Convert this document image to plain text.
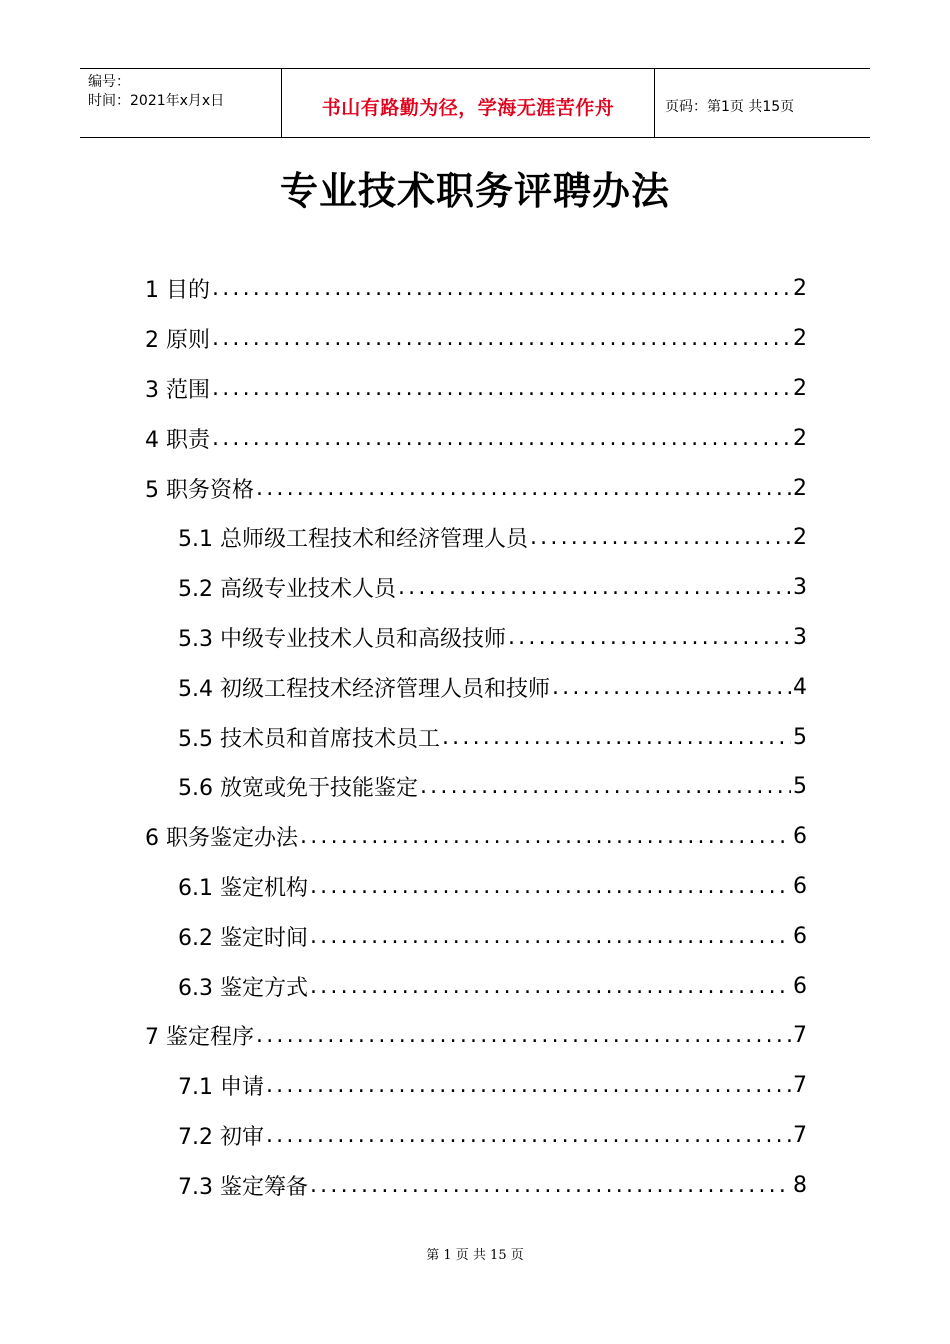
编号：
时间：2021年x月x日	书山有路勤为径，学海无涯苦作舟	页码：第1页 共15页
专业技术职务评聘办法
1 目的 .....	2
2 原则 .....	2
3 范围 .....	2
4 职责 .....	2
5 职务资格 .....	2
5.1 总师级工程技术和经济管理人员 .....	2
5.2 高级专业技术人员 .....	3
5.3 中级专业技术人员和高级技师 .....	3
5.4 初级工程技术经济管理人员和技师 .....	4
5.5 技术员和首席技术员工 .....	5
5.6 放宽或免于技能鉴定 .....	5
6 职务鉴定办法 .....	6
6.1 鉴定机构 .....	6
6.2 鉴定时间 .....	6
6.3 鉴定方式 .....	6
7 鉴定程序 .....	7
7.1 申请 .....	7
7.2 初审 .....	7
7.3 鉴定筹备 .....	8
第 1 页 共 15 页
